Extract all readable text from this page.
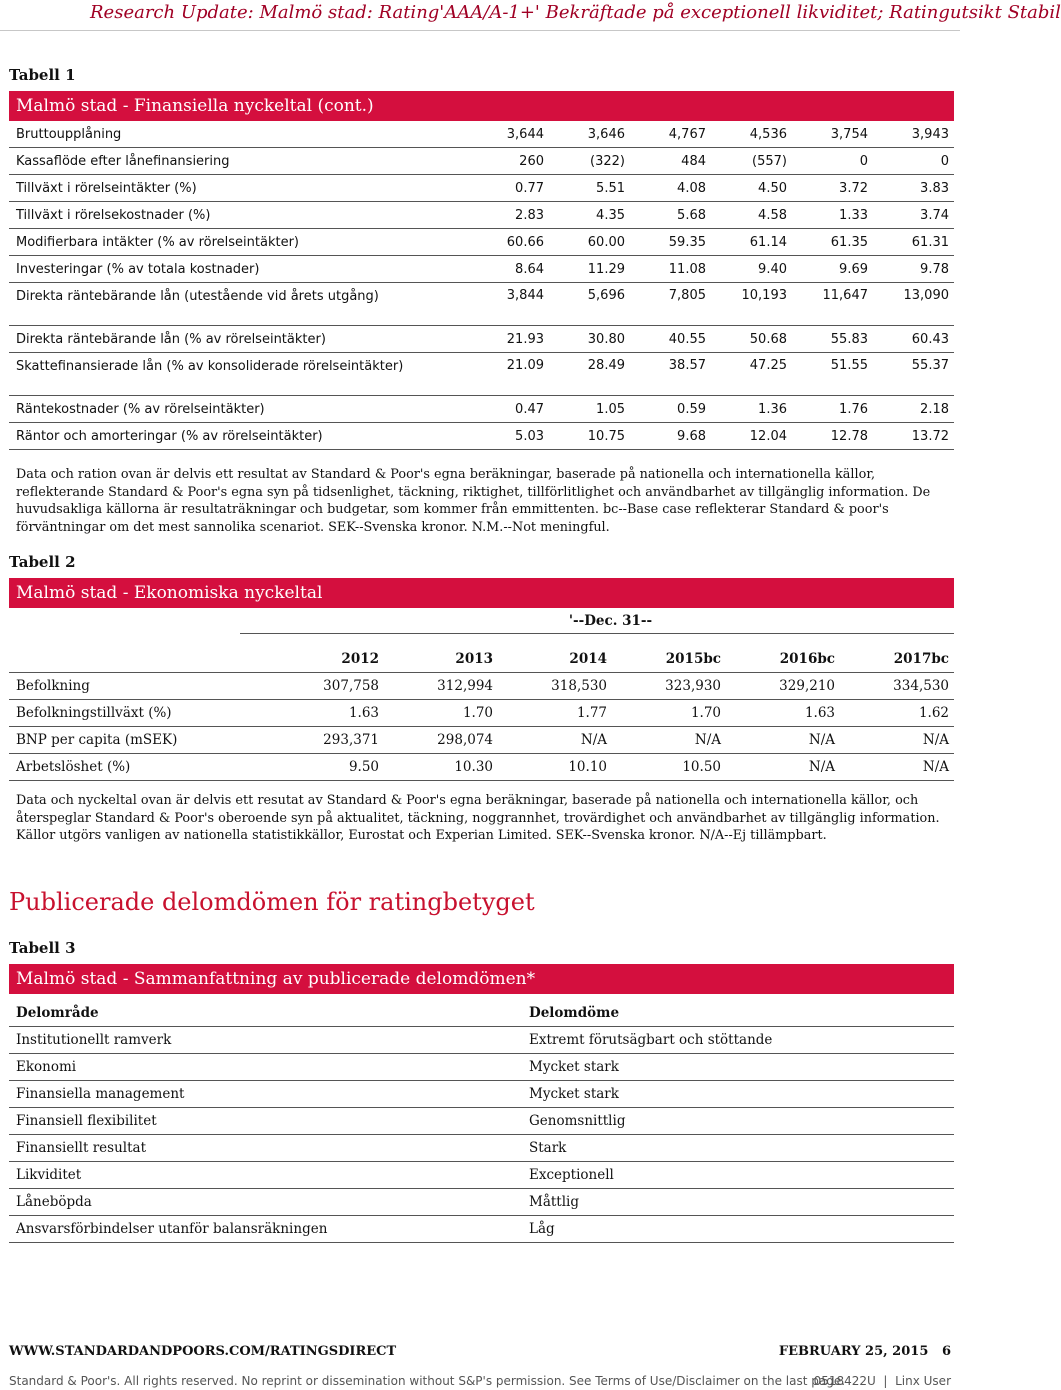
Research Update: Malmö stad: Rating'AAA/A-1+' Bekräftade på exceptionell likviditet; Ratingutsikt Stabil
Tabell 1
Malmö stad - Finansiella nyckeltal (cont.)
Bruttoupplåning	3,644	3,646	4,767	4,536	3,754	3,943
Kassaflöde efter lånefinansiering	260	(322)	484	(557)	0	0
Tillväxt i rörelseintäkter (%)	0.77	5.51	4.08	4.50	3.72	3.83
Tillväxt i rörelsekostnader (%)	2.83	4.35	5.68	4.58	1.33	3.74
Modifierbara intäkter (% av rörelseintäkter)	60.66	60.00	59.35	61.14	61.35	61.31
Investeringar (% av totala kostnader)	8.64	11.29	11.08	9.40	9.69	9.78
Direkta räntebärande lån (utestående vid årets utgång)	3,844	5,696	7,805	10,193	11,647	13,090
Direkta räntebärande lån (% av rörelseintäkter)	21.93	30.80	40.55	50.68	55.83	60.43
Skattefinansierade lån (% av konsoliderade rörelseintäkter)	21.09	28.49	38.57	47.25	51.55	55.37
Räntekostnader (% av rörelseintäkter)	0.47	1.05	0.59	1.36	1.76	2.18
Räntor och amorteringar (% av rörelseintäkter)	5.03	10.75	9.68	12.04	12.78	13.72
Data och ration ovan är delvis ett resultat av Standard & Poor's egna beräkningar, baserade på nationella och internationella källor, reflekterande Standard & Poor's egna syn på tidsenlighet, täckning, riktighet, tillförlitlighet och användbarhet av tillgänglig information. De huvudsakliga källorna är resultaträkningar och budgetar, som kommer från emmittenten. bc--Base case reflekterar Standard & poor's förväntningar om det mest sannolika scenariot. SEK--Svenska kronor. N.M.--Not meningful.
Tabell 2
Malmö stad - Ekonomiska nyckeltal
'--Dec. 31--
	2012	2013	2014	2015bc	2016bc	2017bc
Befolkning	307,758	312,994	318,530	323,930	329,210	334,530
Befolkningstillväxt (%)	1.63	1.70	1.77	1.70	1.63	1.62
BNP per capita (mSEK)	293,371	298,074	N/A	N/A	N/A	N/A
Arbetslöshet (%)	9.50	10.30	10.10	10.50	N/A	N/A
Data och nyckeltal ovan är delvis ett resutat av Standard & Poor's egna beräkningar, baserade på nationella och internationella källor, och återspeglar Standard & Poor's oberoende syn på aktualitet, täckning, noggrannhet, trovärdighet och användbarhet av tillgänglig information. Källor utgörs vanligen av nationella statistikkällor, Eurostat och Experian Limited. SEK--Svenska kronor. N/A--Ej tillämpbart.
Publicerade delomdömen för ratingbetyget
Tabell 3
Malmö stad - Sammanfattning av publicerade delomdömen*
Delområde	Delomdöme
Institutionellt ramverk	Extremt förutsägbart och stöttande
Ekonomi	Mycket stark
Finansiella management	Mycket stark
Finansiell flexibilitet	Genomsnittlig
Finansiellt resultat	Stark
Likviditet	Exceptionell
Låneböрda	Måttlig
Ansvarsförbindelser utanför balansräkningen	Låg
WWW.STANDARDANDPOORS.COM/RATINGSDIRECT	FEBRUARY 25, 2015   6
Standard & Poor's. All rights reserved. No reprint or dissemination without S&P's permission. See Terms of Use/Disclaimer on the last page.
0518422U  |  Linx User
